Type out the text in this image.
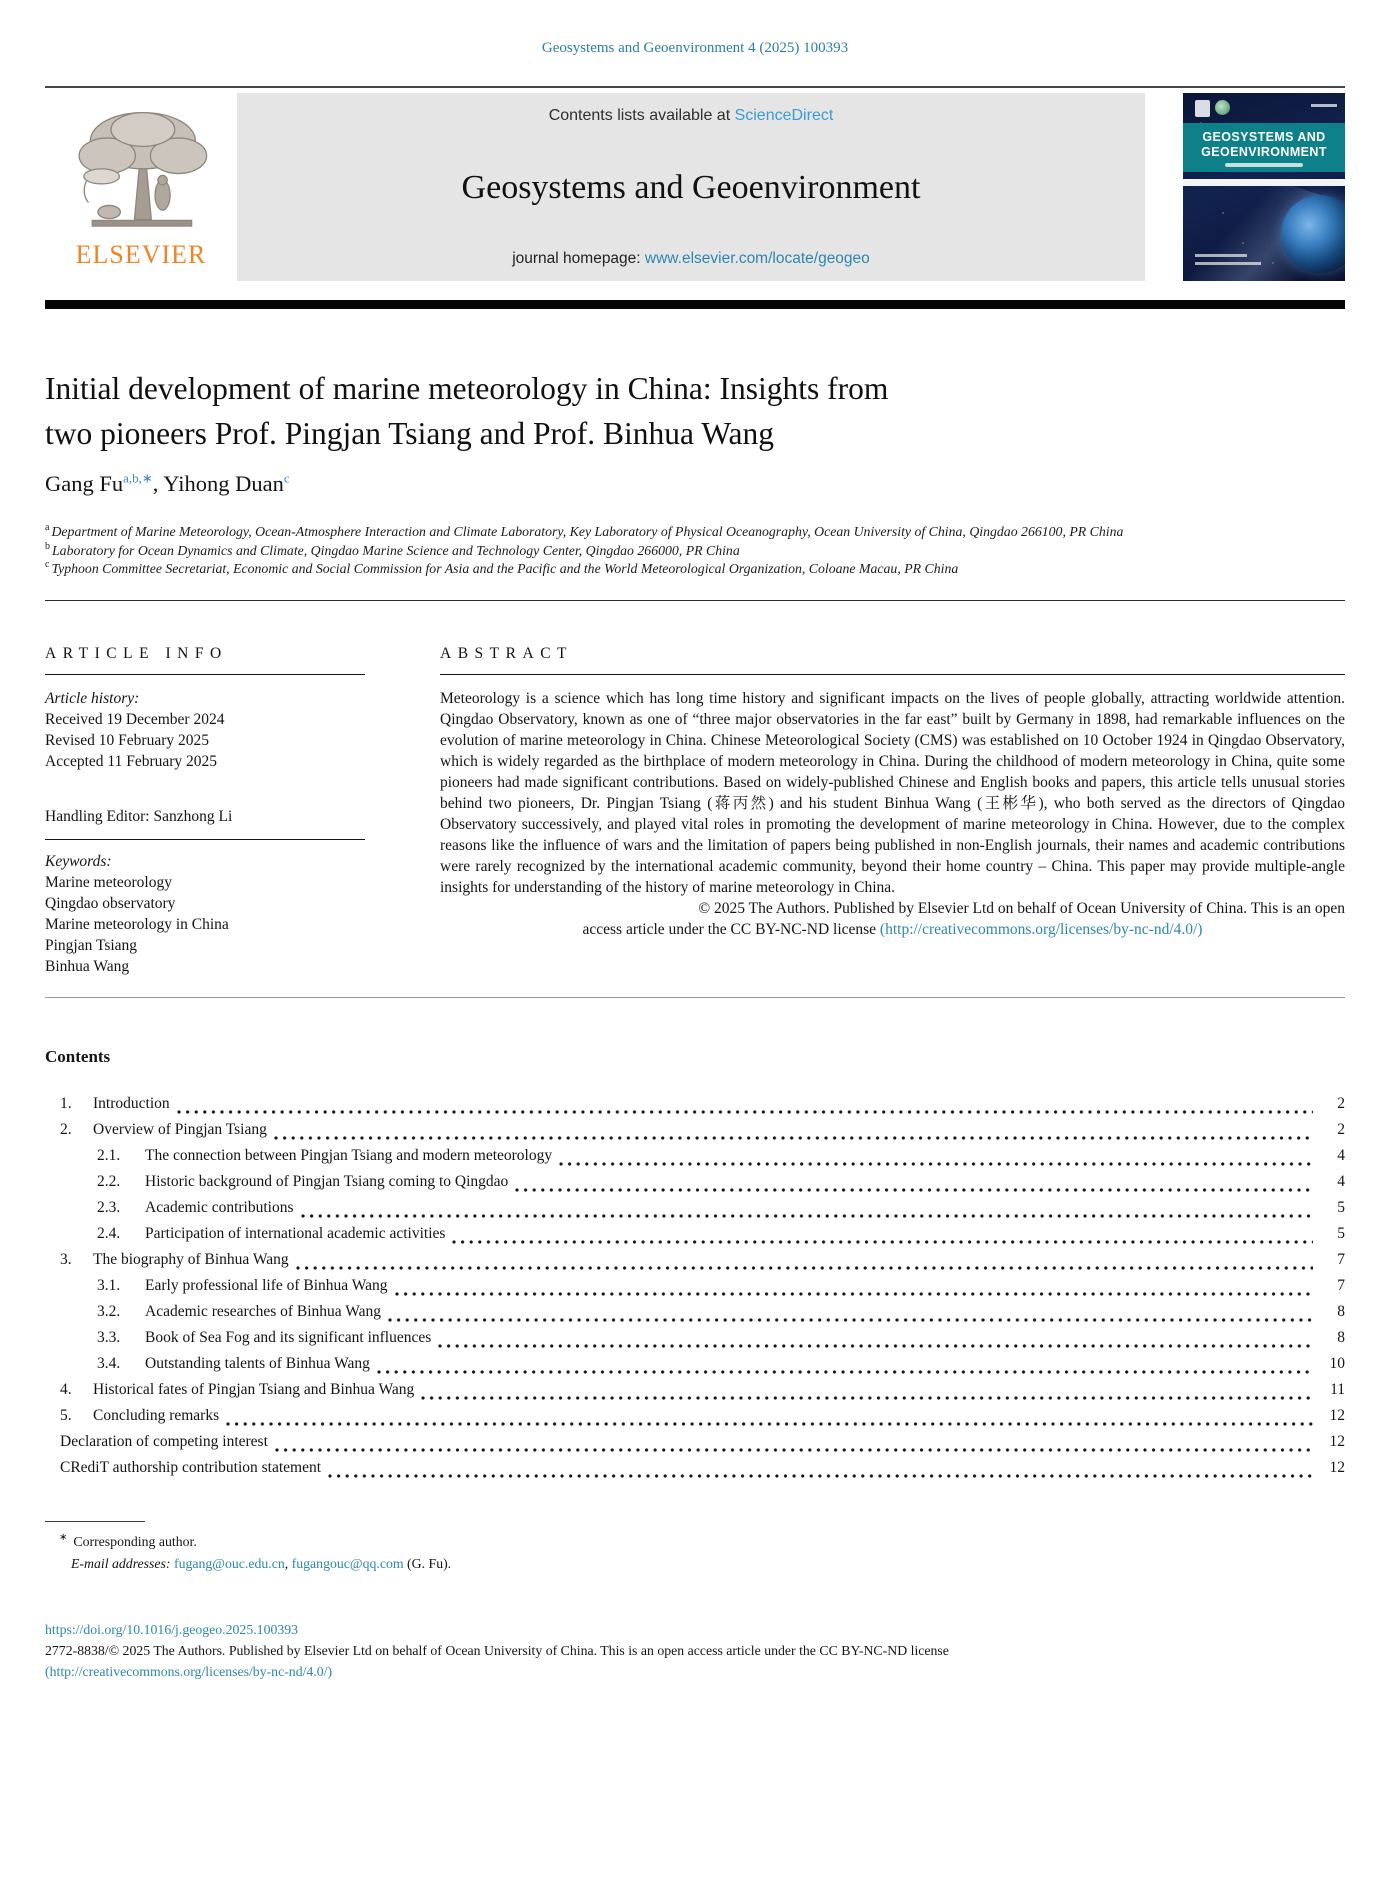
Geosystems and Geoenvironment 4 (2025) 100393
ELSEVIER
Contents lists available at ScienceDirect
Geosystems and Geoenvironment
journal homepage: www.elsevier.com/locate/geogeo
GEOSYSTEMS AND
GEOENVIRONMENT
Initial development of marine meteorology in China: Insights from
two pioneers Prof. Pingjan Tsiang and Prof. Binhua Wang
Gang $Fu^{a,b,∗}$, Yihong Duan$^c$
$^a$ Department of Marine Meteorology, Ocean-Atmosphere Interaction and Climate Laboratory, Key Laboratory of Physical Oceanography, Ocean University of China, Qingdao 266100, PR China
$^b$ Laboratory for Ocean Dynamics and Climate, Qingdao Marine Science and Technology Center, Qingdao 266000, PR China
$^c$ Typhoon Committee Secretariat, Economic and Social Commission for Asia and the Pacific and the World Meteorological Organization, Coloane Macau, PR China
ARTICLE INFO
Article history:
Received 19 December 2024
Revised 10 February 2025
Accepted 11 February 2025
Handling Editor: Sanzhong Li
Keywords:
Marine meteorology
Qingdao observatory
Marine meteorology in China
Pingjan Tsiang
Binhua Wang
ABSTRACT
Meteorology is a science which has long time history and significant impacts on the lives of people globally, attracting worldwide attention. Qingdao Observatory, known as one of “three major observatories in the far east” built by Germany in 1898, had remarkable influences on the evolution of marine meteorology in China. Chinese Meteorological Society (CMS) was established on 10 October 1924 in Qingdao Observatory, which is widely regarded as the birthplace of modern meteorology in China. During the childhood of modern meteorology in China, quite some pioneers had made significant contributions. Based on widely-published Chinese and English books and papers, this article tells unusual stories behind two pioneers, Dr. Pingjan Tsiang (蒋丙然) and his student Binhua Wang (王彬华), who both served as the directors of Qingdao Observatory successively, and played vital roles in promoting the development of marine meteorology in China. However, due to the complex reasons like the influence of wars and the limitation of papers being published in non-English journals, their names and academic contributions were rarely recognized by the international academic community, beyond their home country – China. This paper may provide multiple-angle insights for understanding of the history of marine meteorology in China.
© 2025 The Authors. Published by Elsevier Ltd on behalf of Ocean University of China. This is an open
access article under the CC BY-NC-ND license (http://creativecommons.org/licenses/by-nc-nd/4.0/)
Contents
1.	Introduction	2
2.	Overview of Pingjan Tsiang	2
2.1.	The connection between Pingjan Tsiang and modern meteorology	4
2.2.	Historic background of Pingjan Tsiang coming to Qingdao	4
2.3.	Academic contributions	5
2.4.	Participation of international academic activities	5
3.	The biography of Binhua Wang	7
3.1.	Early professional life of Binhua Wang	7
3.2.	Academic researches of Binhua Wang	8
3.3.	Book of Sea Fog and its significant influences	8
3.4.	Outstanding talents of Binhua Wang	10
4.	Historical fates of Pingjan Tsiang and Binhua Wang	11
5.	Concluding remarks	12
Declaration of competing interest	12
CRediT authorship contribution statement	12
∗ Corresponding author.
E-mail addresses: fugang@ouc.edu.cn, fugangouc@qq.com (G. Fu).
https://doi.org/10.1016/j.geogeo.2025.100393
2772-8838/© 2025 The Authors. Published by Elsevier Ltd on behalf of Ocean University of China. This is an open access article under the CC BY-NC-ND license
(http://creativecommons.org/licenses/by-nc-nd/4.0/)
